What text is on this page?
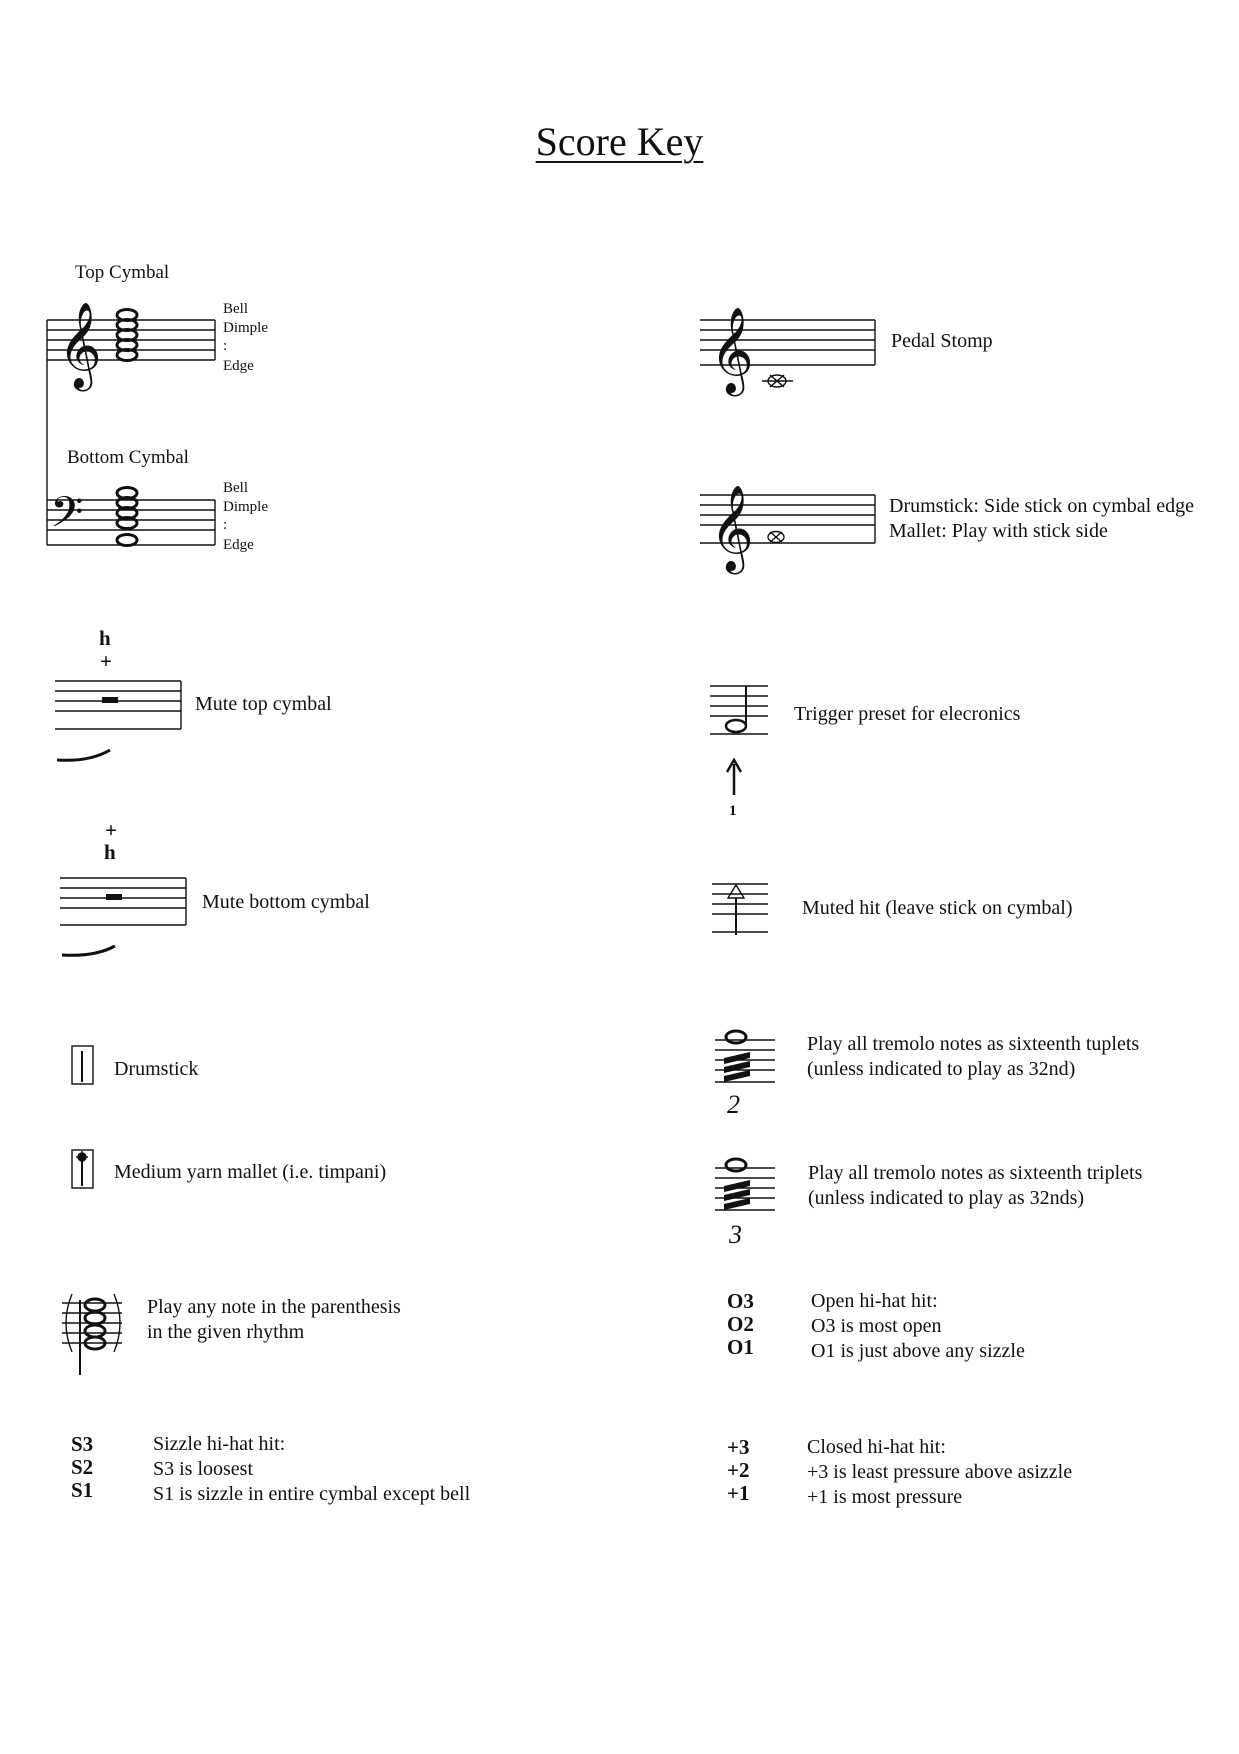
𝄞
𝄢
𝄞
𝄞
Score Key
Top Cymbal
Bell
Dimple
:
Edge
Bottom Cymbal
Bell
Dimple
:
Edge
h
+
Mute top cymbal
+
h
Mute bottom cymbal
Drumstick
Medium yarn mallet (i.e. timpani)
Play any note in the parenthesis
in the given rhythm
S3
S2
S1
Sizzle hi-hat hit:
S3 is loosest
S1 is sizzle in entire cymbal except bell
Pedal Stomp
Drumstick: Side stick on cymbal edge
Mallet: Play with stick side
Trigger preset for elecronics
1
Muted hit (leave stick on cymbal)
2
Play all tremolo notes as sixteenth tuplets
(unless indicated to play as 32nd)
3
Play all tremolo notes as sixteenth triplets
(unless indicated to play as 32nds)
O3
O2
O1
Open hi-hat hit:
O3 is most open
O1 is just above any sizzle
+3
+2
+1
Closed hi-hat hit:
+3 is least pressure above asizzle
+1 is most pressure
